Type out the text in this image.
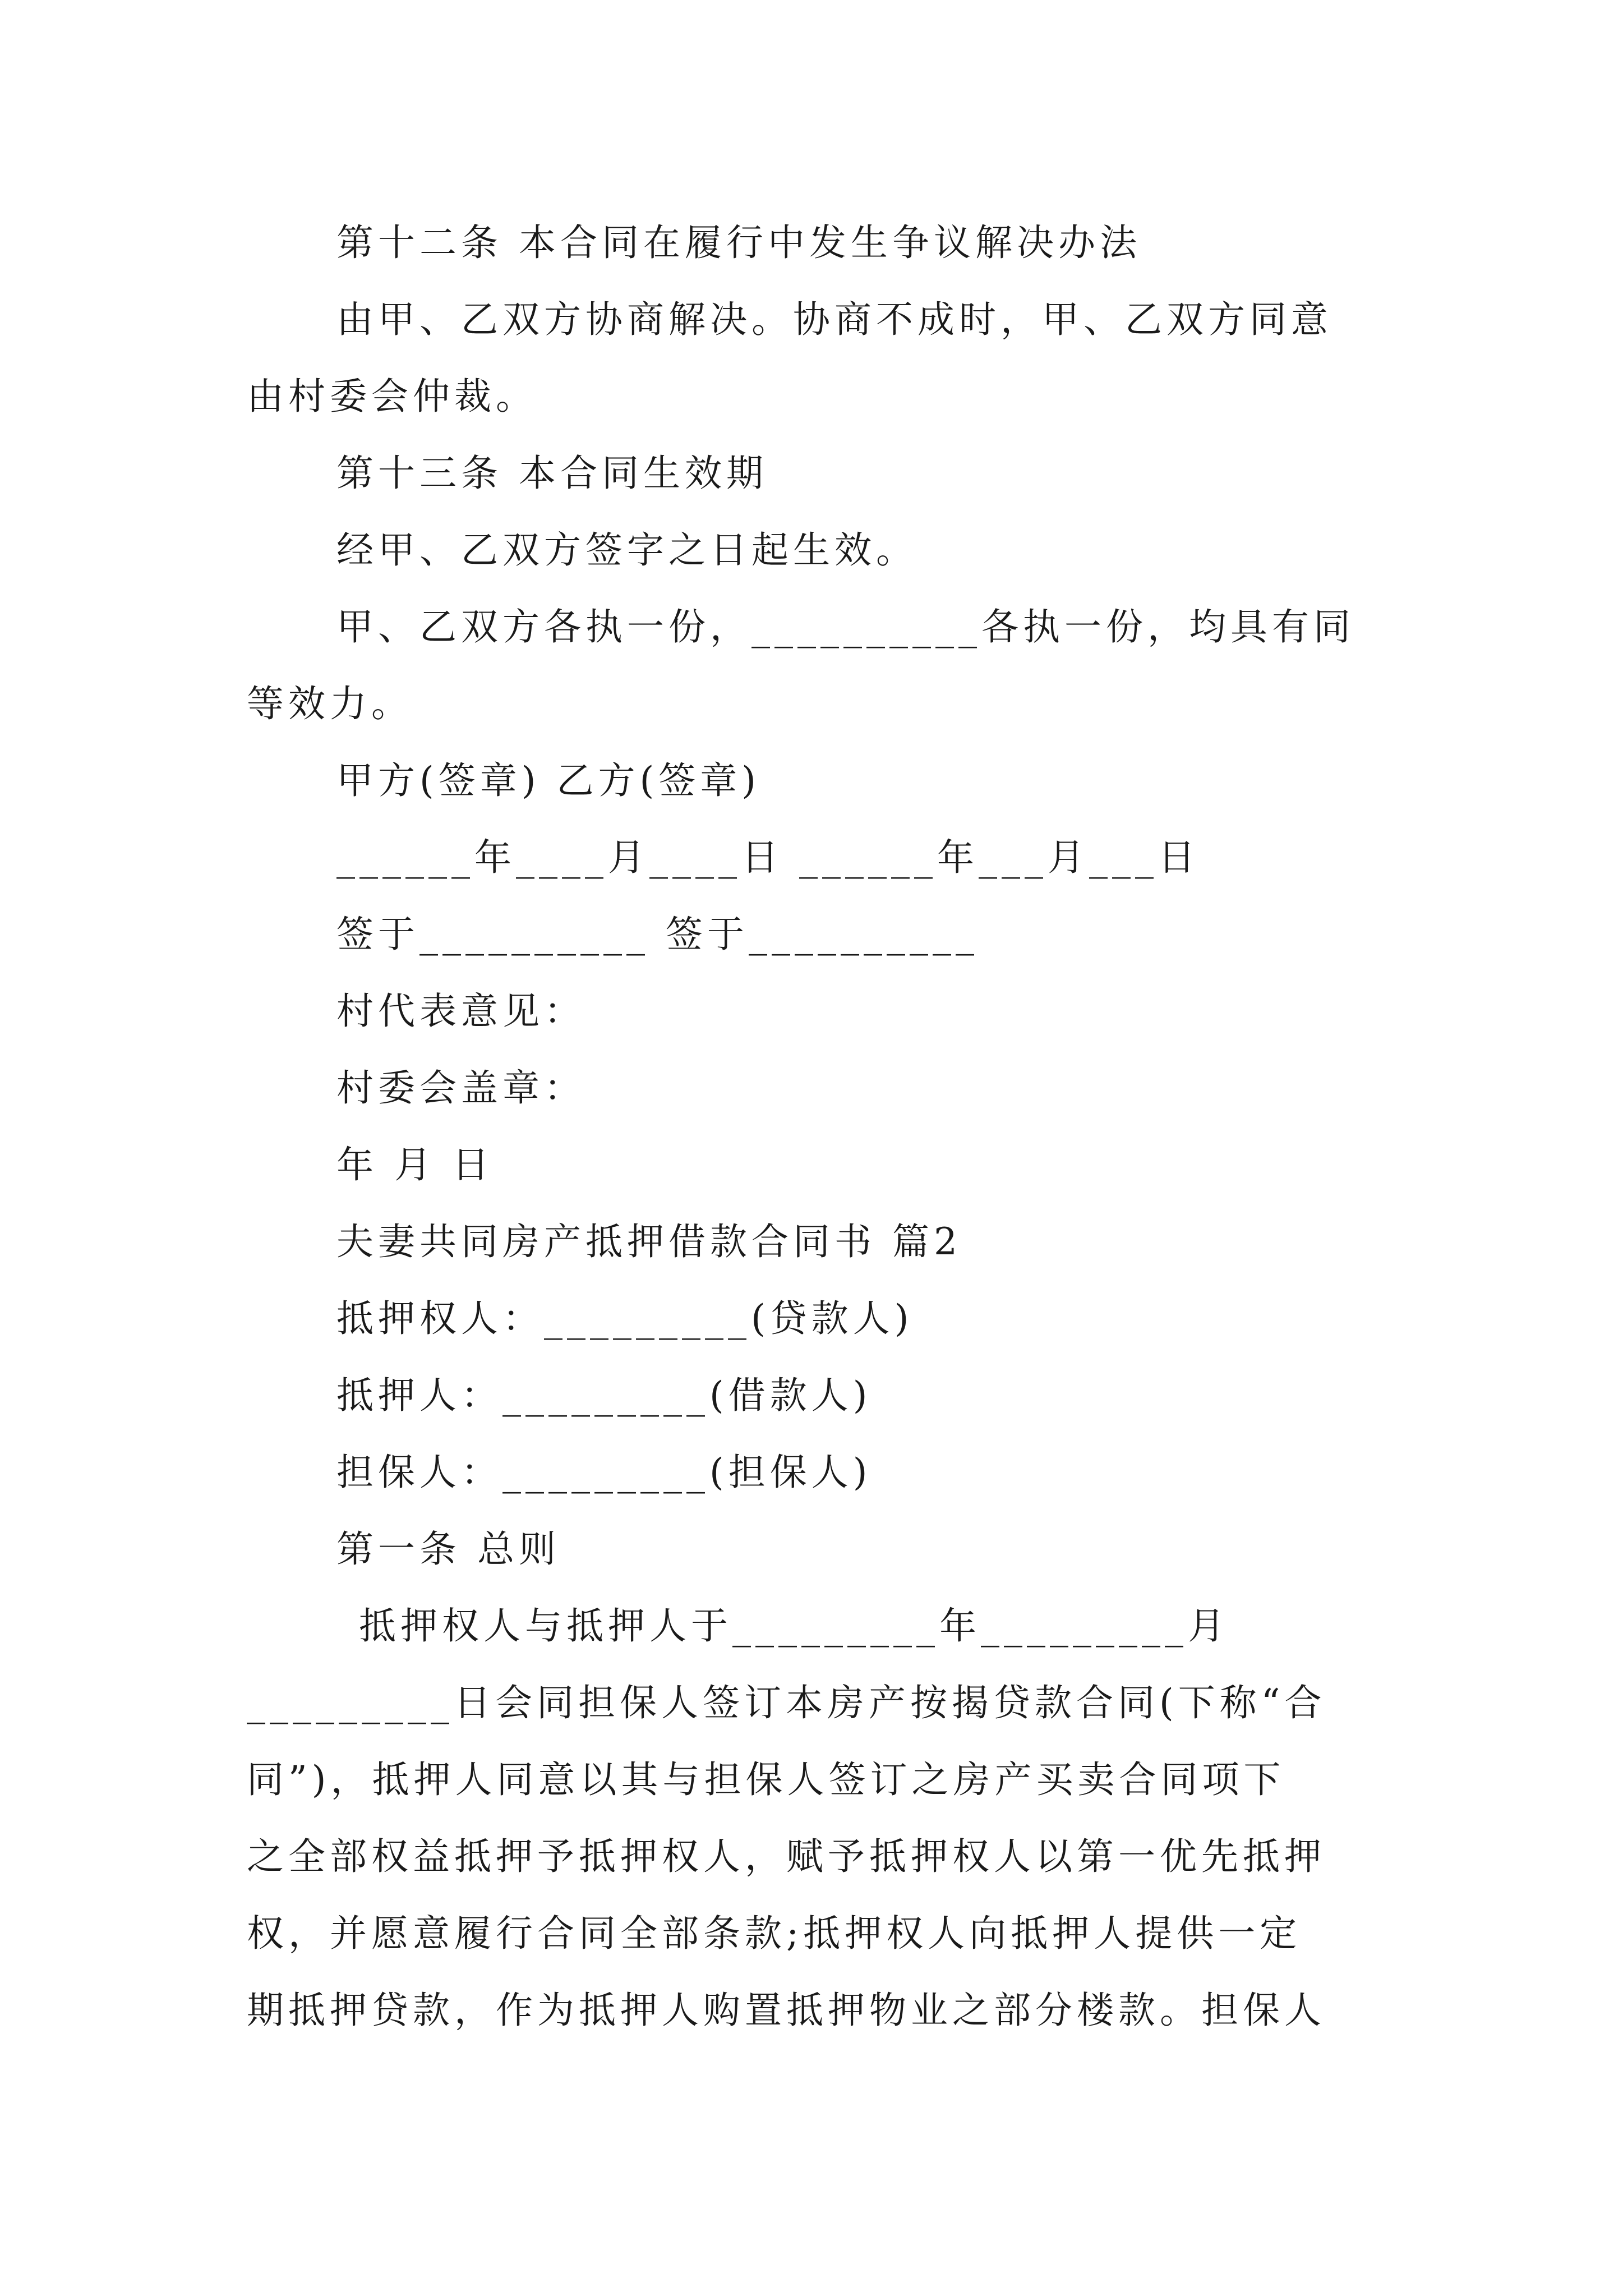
第十二条 本合同在履行中发生争议解决办法
由甲、乙双方协商解决。协商不成时，甲、乙双方同意
由村委会仲裁。
第十三条 本合同生效期
经甲、乙双方签字之日起生效。
甲、乙双方各执一份，__________各执一份，均具有同
等效力。
甲方(签章) 乙方(签章)
______年____月____日 ______年___月___日
签于__________ 签于__________
村代表意见：
村委会盖章：
年 月 日
夫妻共同房产抵押借款合同书 篇2
抵押权人：_________(贷款人)
抵押人：_________(借款人)
担保人：_________(担保人)
第一条 总则
抵押权人与抵押人于_________年_________月
_________日会同担保人签订本房产按揭贷款合同(下称“合
同”)，抵押人同意以其与担保人签订之房产买卖合同项下
之全部权益抵押予抵押权人，赋予抵押权人以第一优先抵押
权，并愿意履行合同全部条款;抵押权人向抵押人提供一定
期抵押贷款，作为抵押人购置抵押物业之部分楼款。担保人
